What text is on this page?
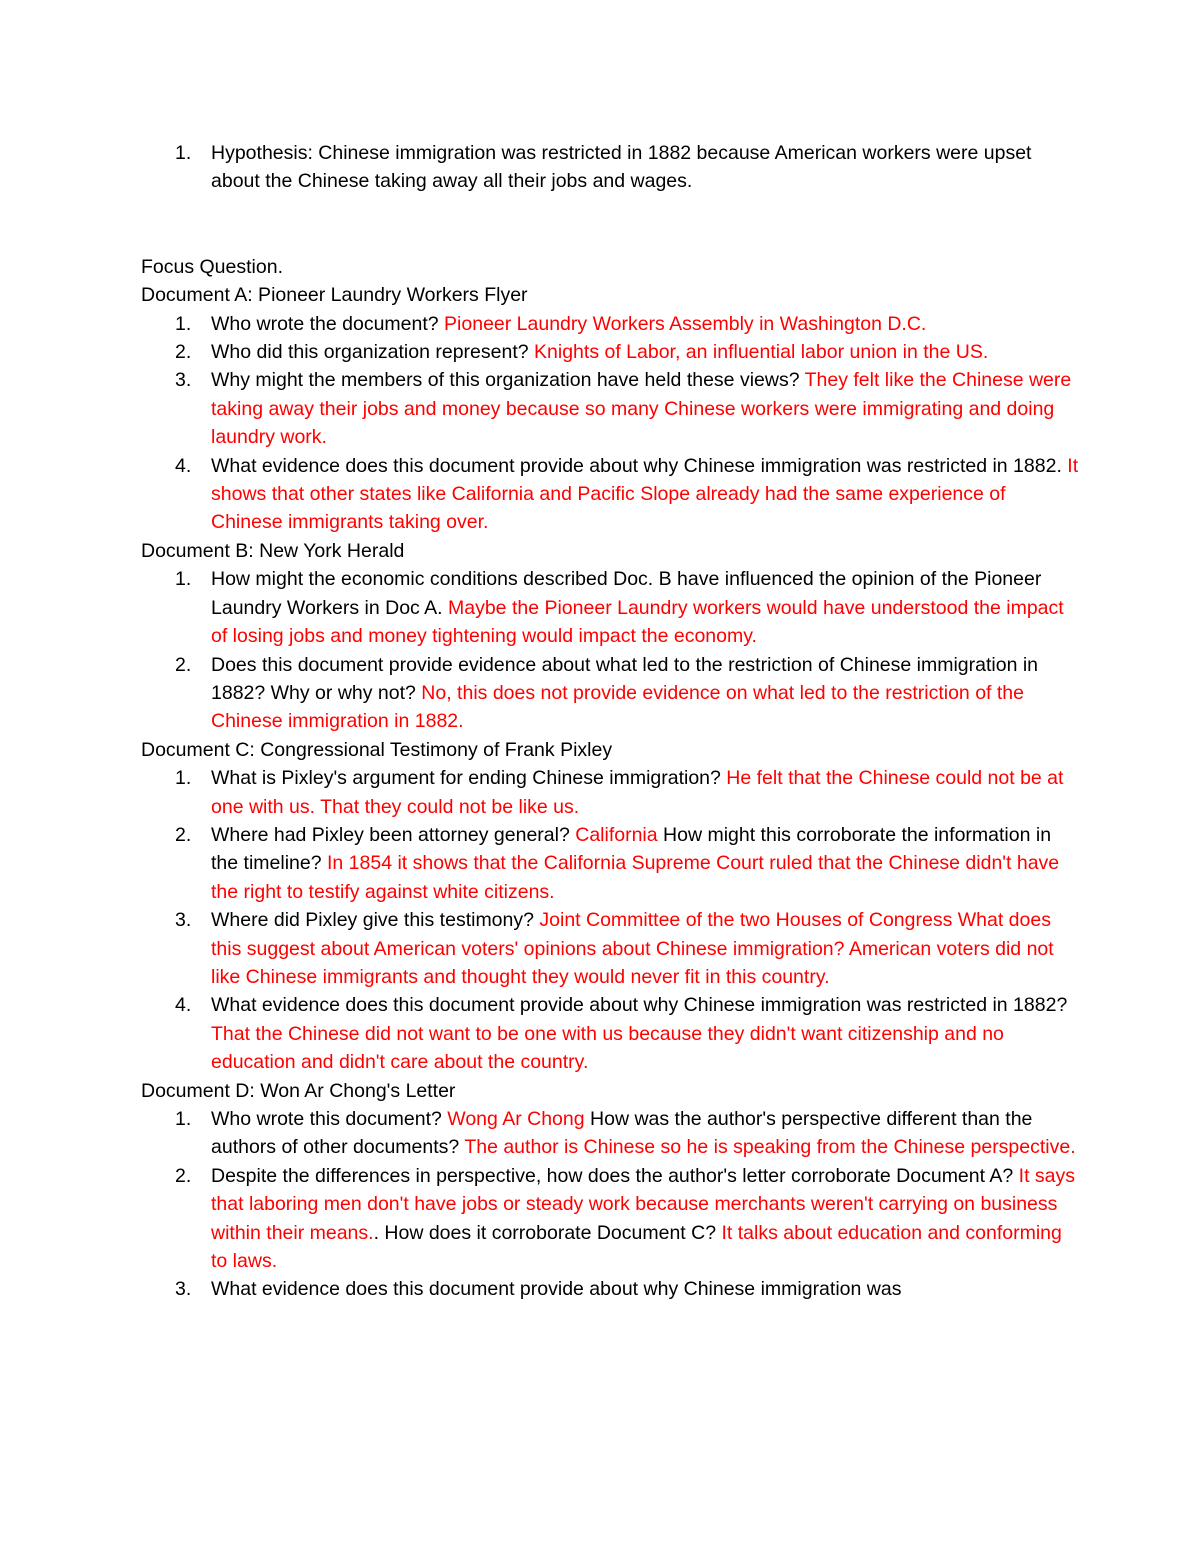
1. Hypothesis: Chinese immigration was restricted in 1882 because American workers were upset about the Chinese taking away all their jobs and wages.

Focus Question.

Document A: Pioneer Laundry Workers Flyer

1. Who wrote the document? Pioneer Laundry Workers Assembly in Washington D.C.
2. Who did this organization represent? Knights of Labor, an influential labor union in the US.
3. Why might the members of this organization have held these views? They felt like the Chinese were taking away their jobs and money because so many Chinese workers were immigrating and doing laundry work.
4. What evidence does this document provide about why Chinese immigration was restricted in 1882. It shows that other states like California and Pacific Slope already had the same experience of Chinese immigrants taking over.

Document B: New York Herald

1. How might the economic conditions described Doc. B have influenced the opinion of the Pioneer Laundry Workers in Doc A. Maybe the Pioneer Laundry workers would have understood the impact of losing jobs and money tightening would impact the economy.
2. Does this document provide evidence about what led to the restriction of Chinese immigration in 1882? Why or why not? No, this does not provide evidence on what led to the restriction of the Chinese immigration in 1882.

Document C: Congressional Testimony of Frank Pixley

1. What is Pixley's argument for ending Chinese immigration? He felt that the Chinese could not be at one with us. That they could not be like us.
2. Where had Pixley been attorney general? California How might this corroborate the information in the timeline? In 1854 it shows that the California Supreme Court ruled that the Chinese didn't have the right to testify against white citizens.
3. Where did Pixley give this testimony? Joint Committee of the two Houses of Congress What does this suggest about American voters' opinions about Chinese immigration? American voters did not like Chinese immigrants and thought they would never fit in this country.
4. What evidence does this document provide about why Chinese immigration was restricted in 1882? That the Chinese did not want to be one with us because they didn't want citizenship and no education and didn't care about the country.

Document D: Won Ar Chong's Letter

1. Who wrote this document? Wong Ar Chong How was the author's perspective different than the authors of other documents? The author is Chinese so he is speaking from the Chinese perspective.
2. Despite the differences in perspective, how does the author's letter corroborate Document A? It says that laboring men don't have jobs or steady work because merchants weren't carrying on business within their means.. How does it corroborate Document C? It talks about education and conforming to laws.
3. What evidence does this document provide about why Chinese immigration was
